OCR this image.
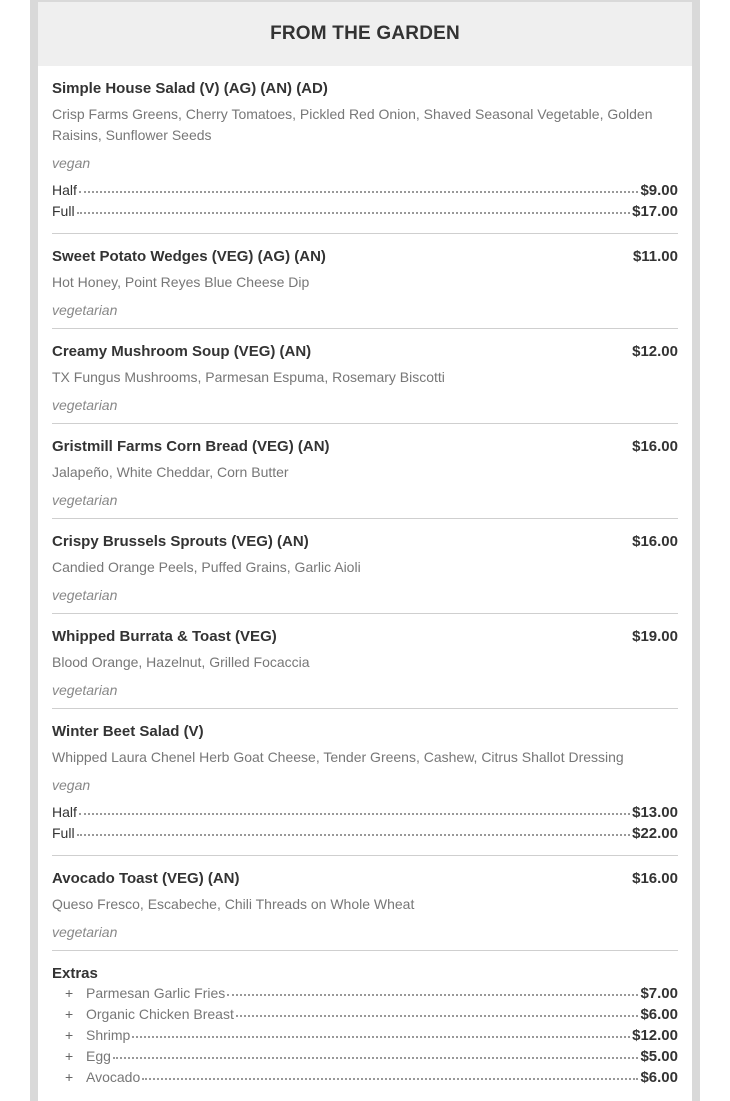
FROM THE GARDEN
Simple House Salad (V) (AG) (AN) (AD)
Crisp Farms Greens, Cherry Tomatoes, Pickled Red Onion, Shaved Seasonal Vegetable, Golden Raisins, Sunflower Seeds
vegan
Half	$9.00
Full	$17.00
Sweet Potato Wedges (VEG) (AG) (AN)	$11.00
Hot Honey, Point Reyes Blue Cheese Dip
vegetarian
Creamy Mushroom Soup (VEG) (AN)	$12.00
TX Fungus Mushrooms, Parmesan Espuma, Rosemary Biscotti
vegetarian
Gristmill Farms Corn Bread (VEG) (AN)	$16.00
Jalapeño, White Cheddar, Corn Butter
vegetarian
Crispy Brussels Sprouts (VEG) (AN)	$16.00
Candied Orange Peels, Puffed Grains, Garlic Aioli
vegetarian
Whipped Burrata & Toast (VEG)	$19.00
Blood Orange, Hazelnut, Grilled Focaccia
vegetarian
Winter Beet Salad (V)
Whipped Laura Chenel Herb Goat Cheese, Tender Greens, Cashew, Citrus Shallot Dressing
vegan
Half	$13.00
Full	$22.00
Avocado Toast (VEG) (AN)	$16.00
Queso Fresco, Escabeche, Chili Threads on Whole Wheat
vegetarian
Extras
+ Parmesan Garlic Fries	$7.00
+ Organic Chicken Breast	$6.00
+ Shrimp	$12.00
+ Egg	$5.00
+ Avocado	$6.00
